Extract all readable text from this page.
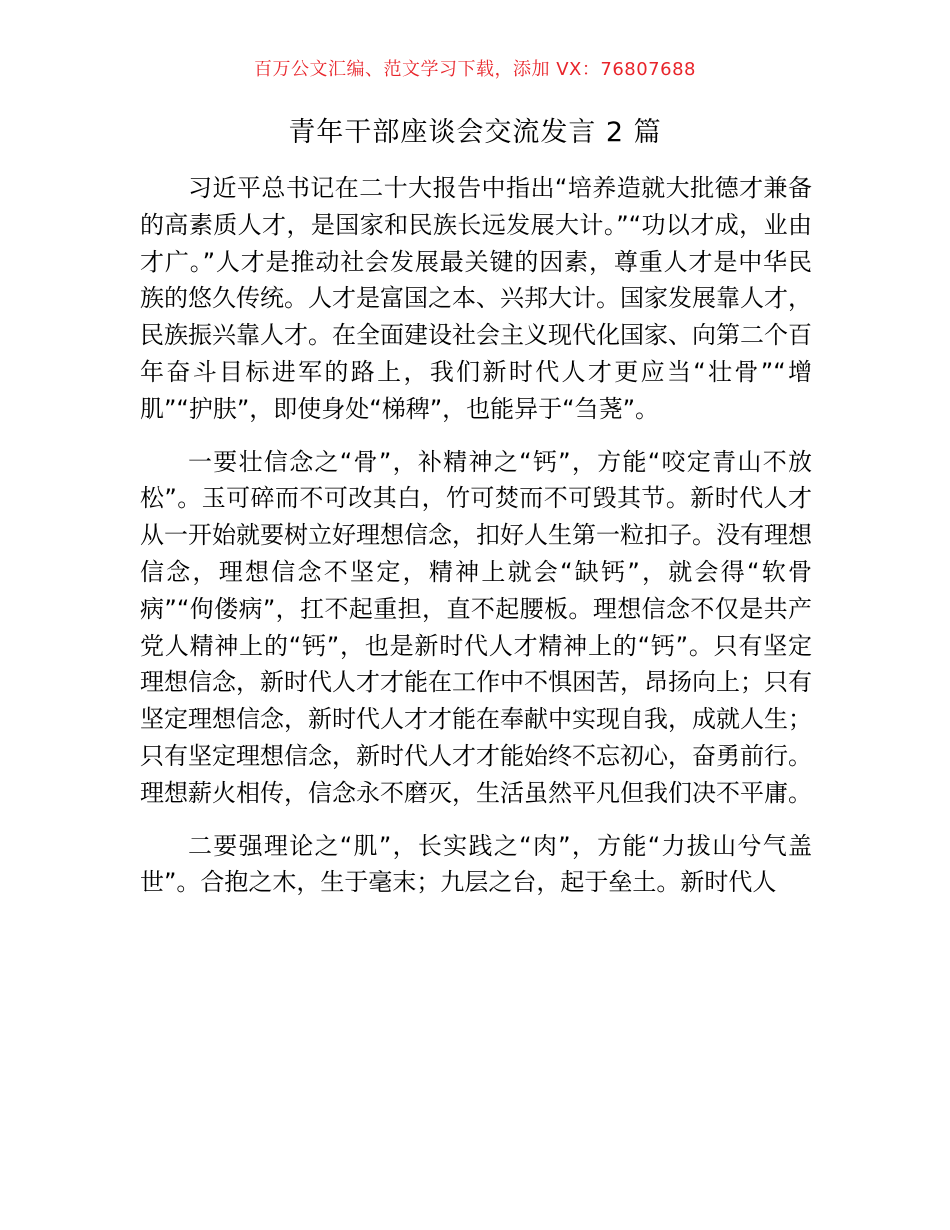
百万公文汇编、范文学习下载，添加 VX：76807688
青年干部座谈会交流发言 2 篇

习近平总书记在二十大报告中指出“培养造就大批德才兼备的高素质人才，是国家和民族长远发展大计。”“功以才成，业由才广。”人才是推动社会发展最关键的因素，尊重人才是中华民族的悠久传统。人才是富国之本、兴邦大计。国家发展靠人才，民族振兴靠人才。在全面建设社会主义现代化国家、向第二个百年奋斗目标进军的路上，我们新时代人才更应当“壮骨”“增肌”“护肤”，即使身处“梯稗”，也能异于“刍荛”。

一要壮信念之“骨”，补精神之“钙”，方能“咬定青山不放松”。玉可碎而不可改其白，竹可焚而不可毁其节。新时代人才从一开始就要树立好理想信念，扣好人生第一粒扣子。没有理想信念，理想信念不坚定，精神上就会“缺钙”，就会得“软骨病”“佝偻病”，扛不起重担，直不起腰板。理想信念不仅是共产党人精神上的“钙”，也是新时代人才精神上的“钙”。只有坚定理想信念，新时代人才才能在工作中不惧困苦，昂扬向上；只有坚定理想信念，新时代人才才能在奉献中实现自我，成就人生；只有坚定理想信念，新时代人才才能始终不忘初心，奋勇前行。理想薪火相传，信念永不磨灭，生活虽然平凡但我们决不平庸。

二要强理论之“肌”，长实践之“肉”，方能“力拔山兮气盖世”。合抱之木，生于毫末；九层之台，起于垒土。新时代人
